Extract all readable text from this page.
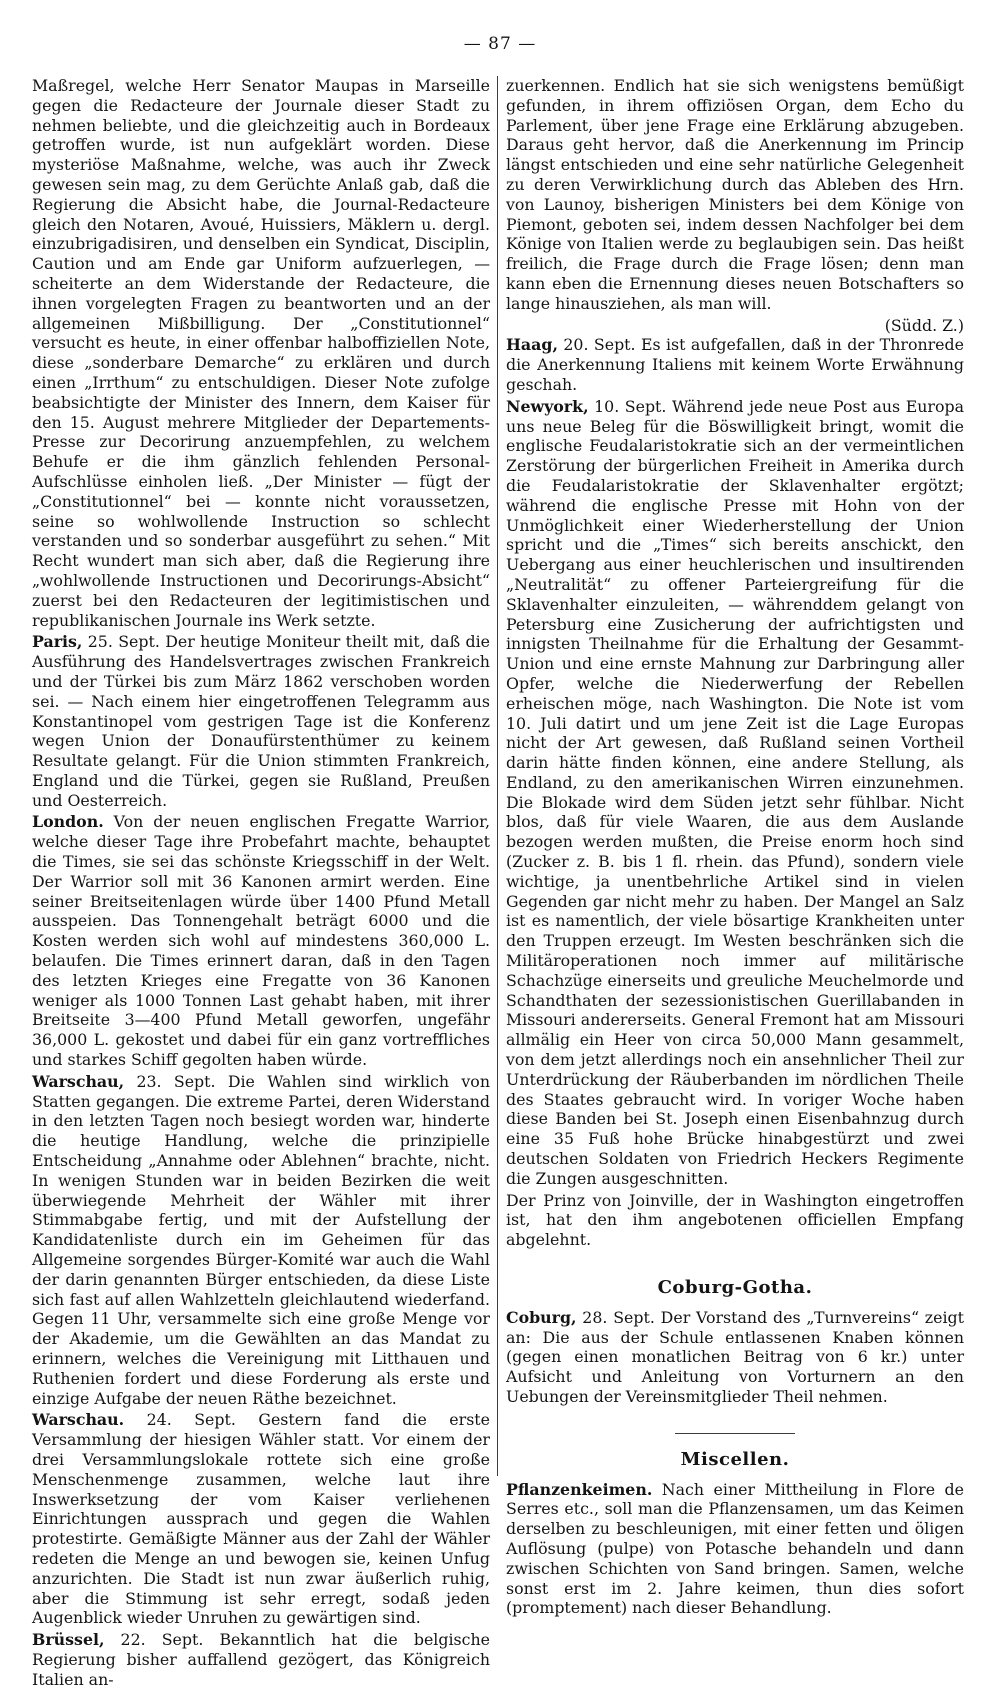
— 87 —

Maßregel, welche Herr Senator Maupas in Marseille gegen die Redacteure der Journale dieser Stadt zu nehmen beliebte, und die gleichzeitig auch in Bordeaux getroffen wurde, ist nun aufgeklärt worden. Diese mysteriöse Maßnahme, welche, was auch ihr Zweck gewesen sein mag, zu dem Gerüchte Anlaß gab, daß die Regierung die Absicht habe, die Journal-Redacteure gleich den Notaren, Avoué, Huissiers, Mäklern u. dergl. einzubrigadisiren, und denselben ein Syndicat, Disciplin, Caution und am Ende gar Uniform aufzuerlegen, — scheiterte an dem Widerstande der Redacteure, die ihnen vorgelegten Fragen zu beantworten und an der allgemeinen Mißbilligung. Der „Constitutionnel“ versucht es heute, in einer offenbar halboffiziellen Note, diese „sonderbare Demarche“ zu erklären und durch einen „Irrthum“ zu entschuldigen. Dieser Note zufolge beabsichtigte der Minister des Innern, dem Kaiser für den 15. August mehrere Mitglieder der Departements-Presse zur Decorirung anzuempfehlen, zu welchem Behufe er die ihm gänzlich fehlenden Personal-Aufschlüsse einholen ließ. „Der Minister — fügt der „Constitutionnel“ bei — konnte nicht voraussetzen, seine so wohlwollende Instruction so schlecht verstanden und so sonderbar ausgeführt zu sehen.“ Mit Recht wundert man sich aber, daß die Regierung ihre „wohlwollende Instructionen und Decorirungs-Absicht“ zuerst bei den Redacteuren der legitimistischen und republikanischen Journale ins Werk setzte.

Paris, 25. Sept. Der heutige Moniteur theilt mit, daß die Ausführung des Handelsvertrages zwischen Frankreich und der Türkei bis zum März 1862 verschoben worden sei. — Nach einem hier eingetroffenen Telegramm aus Konstantinopel vom gestrigen Tage ist die Konferenz wegen Union der Donaufürstenthümer zu keinem Resultate gelangt. Für die Union stimmten Frankreich, England und die Türkei, gegen sie Rußland, Preußen und Oesterreich.

London. Von der neuen englischen Fregatte Warrior, welche dieser Tage ihre Probefahrt machte, behauptet die Times, sie sei das schönste Kriegsschiff in der Welt. Der Warrior soll mit 36 Kanonen armirt werden. Eine seiner Breitseitenlagen würde über 1400 Pfund Metall ausspeien. Das Tonnengehalt beträgt 6000 und die Kosten werden sich wohl auf mindestens 360,000 L. belaufen. Die Times erinnert daran, daß in den Tagen des letzten Krieges eine Fregatte von 36 Kanonen weniger als 1000 Tonnen Last gehabt haben, mit ihrer Breitseite 3—400 Pfund Metall geworfen, ungefähr 36,000 L. gekostet und dabei für ein ganz vortreffliches und starkes Schiff gegolten haben würde.

Warschau, 23. Sept. Die Wahlen sind wirklich von Statten gegangen. Die extreme Partei, deren Widerstand in den letzten Tagen noch besiegt worden war, hinderte die heutige Handlung, welche die prinzipielle Entscheidung „Annahme oder Ablehnen“ brachte, nicht. In wenigen Stunden war in beiden Bezirken die weit überwiegende Mehrheit der Wähler mit ihrer Stimmabgabe fertig, und mit der Aufstellung der Kandidatenliste durch ein im Geheimen für das Allgemeine sorgendes Bürger-Komité war auch die Wahl der darin genannten Bürger entschieden, da diese Liste sich fast auf allen Wahlzetteln gleichlautend wiederfand. Gegen 11 Uhr, versammelte sich eine große Menge vor der Akademie, um die Gewählten an das Mandat zu erinnern, welches die Vereinigung mit Litthauen und Ruthenien fordert und diese Forderung als erste und einzige Aufgabe der neuen Räthe bezeichnet.

Warschau. 24. Sept. Gestern fand die erste Versammlung der hiesigen Wähler statt. Vor einem der drei Versammlungslokale rottete sich eine große Menschenmenge zusammen, welche laut ihre Inswerksetzung der vom Kaiser verliehenen Einrichtungen aussprach und gegen die Wahlen protestirte. Gemäßigte Männer aus der Zahl der Wähler redeten die Menge an und bewogen sie, keinen Unfug anzurichten. Die Stadt ist nun zwar äußerlich ruhig, aber die Stimmung ist sehr erregt, sodaß jeden Augenblick wieder Unruhen zu gewärtigen sind.

Brüssel, 22. Sept. Bekanntlich hat die belgische Regierung bisher auffallend gezögert, das Königreich Italien an-

zuerkennen. Endlich hat sie sich wenigstens bemüßigt gefunden, in ihrem offiziösen Organ, dem Echo du Parlement, über jene Frage eine Erklärung abzugeben. Daraus geht hervor, daß die Anerkennung im Princip längst entschieden und eine sehr natürliche Gelegenheit zu deren Verwirklichung durch das Ableben des Hrn. von Launoy, bisherigen Ministers bei dem Könige von Piemont, geboten sei, indem dessen Nachfolger bei dem Könige von Italien werde zu beglaubigen sein. Das heißt freilich, die Frage durch die Frage lösen; denn man kann eben die Ernennung dieses neuen Botschafters so lange hinausziehen, als man will.

(Südd. Z.)

Haag, 20. Sept. Es ist aufgefallen, daß in der Thronrede die Anerkennung Italiens mit keinem Worte Erwähnung geschah.

Newyork, 10. Sept. Während jede neue Post aus Europa uns neue Beleg für die Böswilligkeit bringt, womit die englische Feudalaristokratie sich an der vermeintlichen Zerstörung der bürgerlichen Freiheit in Amerika durch die Feudalaristokratie der Sklavenhalter ergötzt; während die englische Presse mit Hohn von der Unmöglichkeit einer Wiederherstellung der Union spricht und die „Times“ sich bereits anschickt, den Uebergang aus einer heuchlerischen und insultirenden „Neutralität“ zu offener Parteiergreifung für die Sklavenhalter einzuleiten, — währenddem gelangt von Petersburg eine Zusicherung der aufrichtigsten und innigsten Theilnahme für die Erhaltung der Gesammt-Union und eine ernste Mahnung zur Darbringung aller Opfer, welche die Niederwerfung der Rebellen erheischen möge, nach Washington. Die Note ist vom 10. Juli datirt und um jene Zeit ist die Lage Europas nicht der Art gewesen, daß Rußland seinen Vortheil darin hätte finden können, eine andere Stellung, als Endland, zu den amerikanischen Wirren einzunehmen. Die Blokade wird dem Süden jetzt sehr fühlbar. Nicht blos, daß für viele Waaren, die aus dem Auslande bezogen werden mußten, die Preise enorm hoch sind (Zucker z. B. bis 1 fl. rhein. das Pfund), sondern viele wichtige, ja unentbehrliche Artikel sind in vielen Gegenden gar nicht mehr zu haben. Der Mangel an Salz ist es namentlich, der viele bösartige Krankheiten unter den Truppen erzeugt. Im Westen beschränken sich die Militäroperationen noch immer auf militärische Schachzüge einerseits und greuliche Meuchelmorde und Schandthaten der sezessionistischen Guerillabanden in Missouri andererseits. General Fremont hat am Missouri allmälig ein Heer von circa 50,000 Mann gesammelt, von dem jetzt allerdings noch ein ansehnlicher Theil zur Unterdrückung der Räuberbanden im nördlichen Theile des Staates gebraucht wird. In voriger Woche haben diese Banden bei St. Joseph einen Eisenbahnzug durch eine 35 Fuß hohe Brücke hinabgestürzt und zwei deutschen Soldaten von Friedrich Heckers Regimente die Zungen ausgeschnitten.

Der Prinz von Joinville, der in Washington eingetroffen ist, hat den ihm angebotenen officiellen Empfang abgelehnt.

Coburg-Gotha.

Coburg, 28. Sept. Der Vorstand des „Turnvereins“ zeigt an: Die aus der Schule entlassenen Knaben können (gegen einen monatlichen Beitrag von 6 kr.) unter Aufsicht und Anleitung von Vorturnern an den Uebungen der Vereinsmitglieder Theil nehmen.

Miscellen.

Pflanzenkeimen. Nach einer Mittheilung in Flore de Serres etc., soll man die Pflanzensamen, um das Keimen derselben zu beschleunigen, mit einer fetten und öligen Auflösung (pulpe) von Potasche behandeln und dann zwischen Schichten von Sand bringen. Samen, welche sonst erst im 2. Jahre keimen, thun dies sofort (promptement) nach dieser Behandlung.
